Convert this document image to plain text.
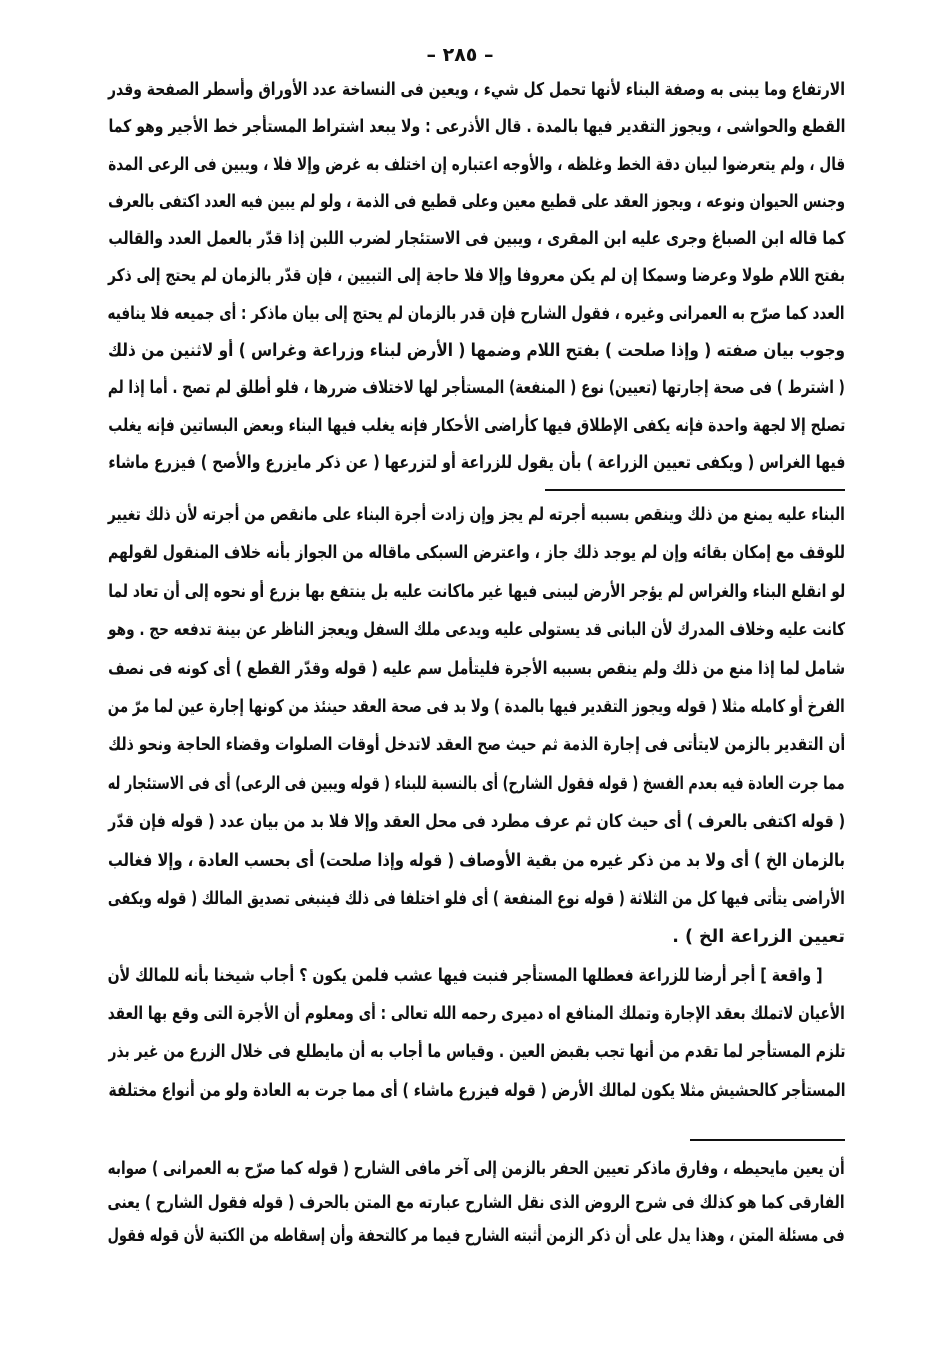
– ٢٨٥ –
الارتفاع وما يبنى به وصفة البناء لأنها تحمل كل شيء ، ويعين فى النساخة عدد الأوراق وأسطر الصفحة وقدر
القطع والحواشى ، ويجوز التقدير فيها بالمدة . قال الأذرعى : ولا يبعد اشتراط المستأجر خط الأجير وهو كما
قال ، ولم يتعرضوا لبيان دقة الخط وغلظه ، والأوجه اعتباره إن اختلف به غرض وإلا فلا ، ويبين فى الرعى المدة
وجنس الحيوان ونوعه ، ويجوز العقد على قطيع معين وعلى قطيع فى الذمة ، ولو لم يبين فيه العدد اكتفى بالعرف
كما قاله ابن الصباغ وجرى عليه ابن المقرى ، ويبين فى الاستئجار لضرب اللبن إذا قدّر بالعمل العدد والقالب
بفتح اللام طولا وعرضا وسمكا إن لم يكن معروفا وإلا فلا حاجة إلى التبيين ، فإن قدّر بالزمان لم يحتج إلى ذكر
العدد كما صرّح به العمرانى وغيره ، فقول الشارح فإن قدر بالزمان لم يحتج إلى بيان ماذكر : أى جميعه فلا ينافيه
وجوب بيان صفته ( وإذا صلحت ) بفتح اللام وضمها ( الأرض لبناء وزراعة وغراس ) أو لاثنين من ذلك
( اشترط ) فى صحة إجارتها (تعيين) نوع ( المنفعة) المستأجر لها لاختلاف ضررها ، فلو أطلق لم تصح . أما إذا لم
تصلح إلا لجهة واحدة فإنه يكفى الإطلاق فيها كأراضى الأحكار فإنه يغلب فيها البناء وبعض البساتين فإنه يغلب
فيها الغراس ( ويكفى تعيين الزراعة ) بأن يقول للزراعة أو لتزرعها ( عن ذكر مايزرع والأصح ) فيزرع ماشاء
البناء عليه يمنع من ذلك وينقص بسببه أجرته لم يجز وإن زادت أجرة البناء على مانقص من أجرته لأن ذلك تغيير
للوقف مع إمكان بقائه وإن لم يوجد ذلك جاز ، واعترض السبكى ماقاله من الجواز بأنه خلاف المنقول لقولهم
لو انقلع البناء والغراس لم يؤجر الأرض ليبنى فيها غير ماكانت عليه بل ينتفع بها بزرع أو نحوه إلى أن تعاد لما
كانت عليه وخلاف المدرك لأن البانى قد يستولى عليه ويدعى ملك السفل ويعجز الناظر عن بينة تدفعه حج . وهو
شامل لما إذا منع من ذلك ولم ينقص بسببه الأجرة فليتأمل سم عليه ( قوله وقدّر القطع ) أى كونه فى نصف
الفرخ أو كامله مثلا ( قوله ويجوز التقدير فيها بالمدة ) ولا بد فى صحة العقد حينئذ من كونها إجارة عين لما مرّ من
أن التقدير بالزمن لايتأتى فى إجارة الذمة ثم حيث صح العقد لاتدخل أوقات الصلوات وقضاء الحاجة ونحو ذلك
مما جرت العادة فيه بعدم الفسخ ( قوله فقول الشارح) أى بالنسبة للبناء ( قوله ويبين فى الرعى) أى فى الاستئجار له
( قوله اكتفى بالعرف ) أى حيث كان ثم عرف مطرد فى محل العقد وإلا فلا بد من بيان عدد ( قوله فإن قدّر
بالزمان الخ ) أى ولا بد من ذكر غيره من بقية الأوصاف ( قوله وإذا صلحت) أى بحسب العادة ، وإلا فغالب
الأراضى يتأتى فيها كل من الثلاثة ( قوله نوع المنفعة ) أى فلو اختلفا فى ذلك فينبغى تصديق المالك ( قوله ويكفى
تعيين الزراعة الخ ) .
[ واقعة ] أجر أرضا للزراعة فعطلها المستأجر فنبت فيها عشب فلمن يكون ؟ أجاب شيخنا بأنه للمالك لأن
الأعيان لاتملك بعقد الإجارة وتملك المنافع اه دميرى رحمه الله تعالى : أى ومعلوم أن الأجرة التى وقع بها العقد
تلزم المستأجر لما تقدم من أنها تجب بقبض العين . وقياس ما أجاب به أن مايطلع فى خلال الزرع من غير بذر
المستأجر كالحشيش مثلا يكون لمالك الأرض ( قوله فيزرع ماشاء ) أى مما جرت به العادة ولو من أنواع مختلفة
أن يعين مايحيطه ، وفارق ماذكر تعيين الحفر بالزمن إلى آخر مافى الشارح ( قوله كما صرّح به العمرانى ) صوابه
الفارقى كما هو كذلك فى شرح الروض الذى نقل الشارح عبارته مع المتن بالحرف ( قوله فقول الشارح ) يعنى
فى مسئلة المتن ، وهذا يدل على أن ذكر الزمن أثبته الشارح فيما مر كالتحفة وأن إسقاطه من الكتبة لأن قوله فقول
